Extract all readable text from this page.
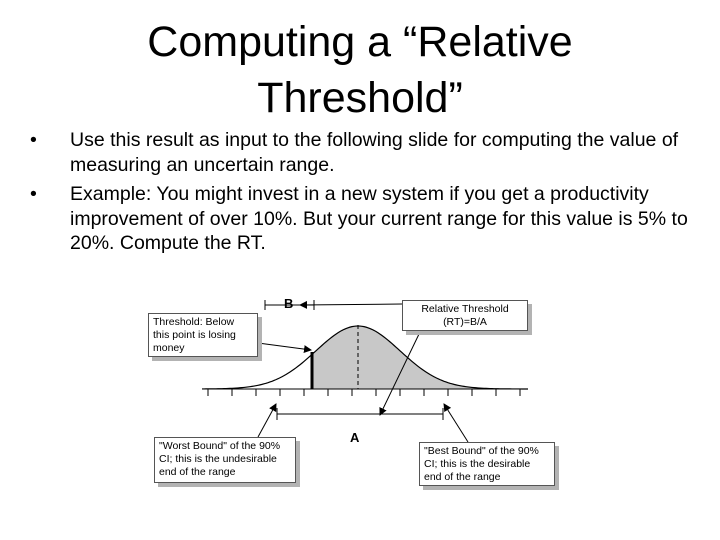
Computing a “Relative
Threshold”
• Use this result as input to the following slide for computing the value of measuring an uncertain range.
• Example: You might invest in a new system if you get a productivity improvement of over 10%. But your current range for this value is 5% to 20%. Compute the RT.
B
A
Threshold: Below this point is losing money
Relative Threshold (RT)=B/A
"Worst Bound" of the 90% CI; this is the undesirable end of the range
"Best Bound" of the 90% CI; this is the desirable end of the range
